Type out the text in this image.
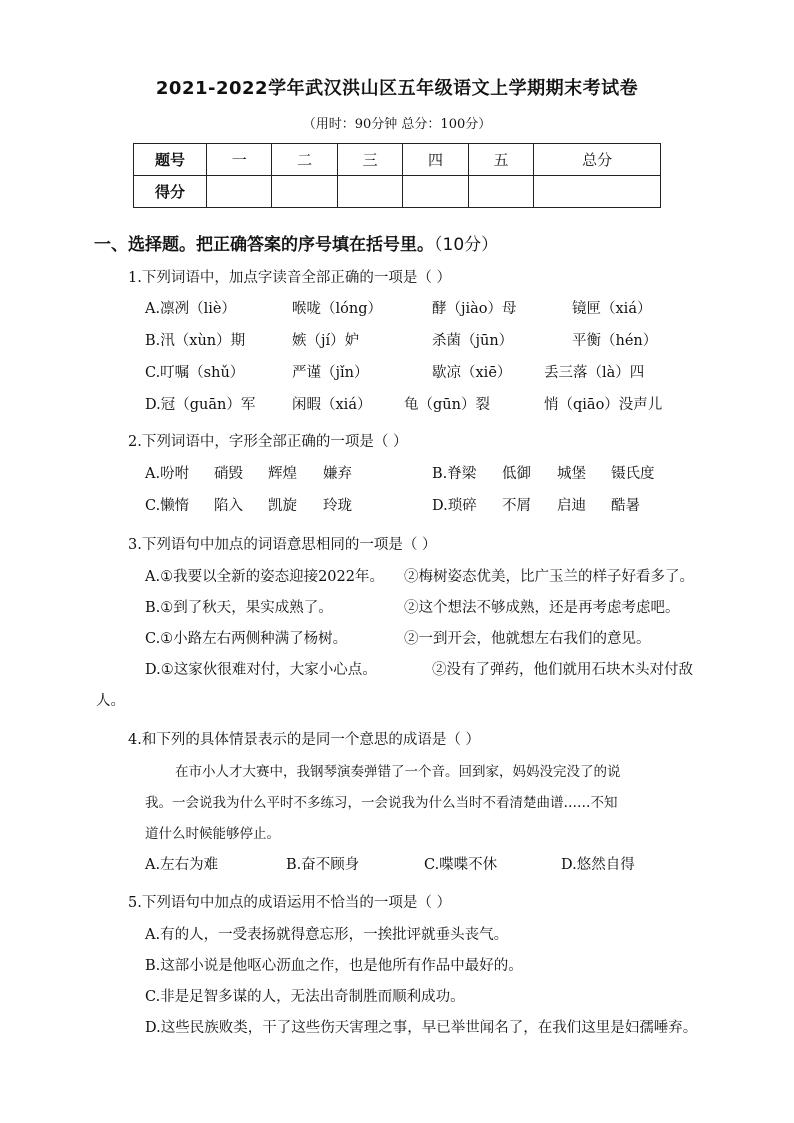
2021-2022学年武汉洪山区五年级语文上学期期末考试卷
（用时：90分钟 总分：100分）
题号	一	二	三	四	五	总分
得分						
一、选择题。把正确答案的序号填在括号里。（10分）
1.下列词语中，加点字读音全部正确的一项是（ ）
A.凛冽（liè）	喉咙（lóng）	酵（jiào）母	镜匣（xiá）
B.汛（xùn）期	嫉（jí）妒	杀菌（jūn）	平衡（hén）
C.叮嘱（shǔ）	严谨（jǐn）	歇凉（xiē） 丢三落（là）四
D.冠（guān）军	闲暇（xiá） 龟（gūn）裂	悄（qiāo）没声儿
2.下列词语中，字形全部正确的一项是（ ）
A.吩咐 硝毁 辉煌 嫌弃	B.脊梁 低御 城堡 镊氏度
C.懒惰 陷入 凯旋 玲珑	D.琐碎 不屑 启迪 酷暑
3.下列语句中加点的词语意思相同的一项是（ ）
A.①我要以全新的姿态迎接2022年。 ②梅树姿态优美，比广玉兰的样子好看多了。
B.①到了秋天，果实成熟了。	②这个想法不够成熟，还是再考虑考虑吧。
C.①小路左右两侧种满了杨树。	②一到开会，他就想左右我们的意见。
D.①这家伙很难对付，大家小心点。	②没有了弹药，他们就用石块木头对付敌
人。
4.和下列的具体情景表示的是同一个意思的成语是（ ）
在市小人才大赛中，我钢琴演奏弹错了一个音。回到家，妈妈没完没了的说
我。一会说我为什么平时不多练习，一会说我为什么当时不看清楚曲谱……不知
道什么时候能够停止。
A.左右为难	B.奋不顾身	C.喋喋不休	D.悠然自得
5.下列语句中加点的成语运用不恰当的一项是（ ）
A.有的人，一受表扬就得意忘形，一挨批评就垂头丧气。
B.这部小说是他呕心沥血之作，也是他所有作品中最好的。
C.非是足智多谋的人，无法出奇制胜而顺利成功。
D.这些民族败类，干了这些伤天害理之事，早已举世闻名了，在我们这里是妇孺唾弃。
